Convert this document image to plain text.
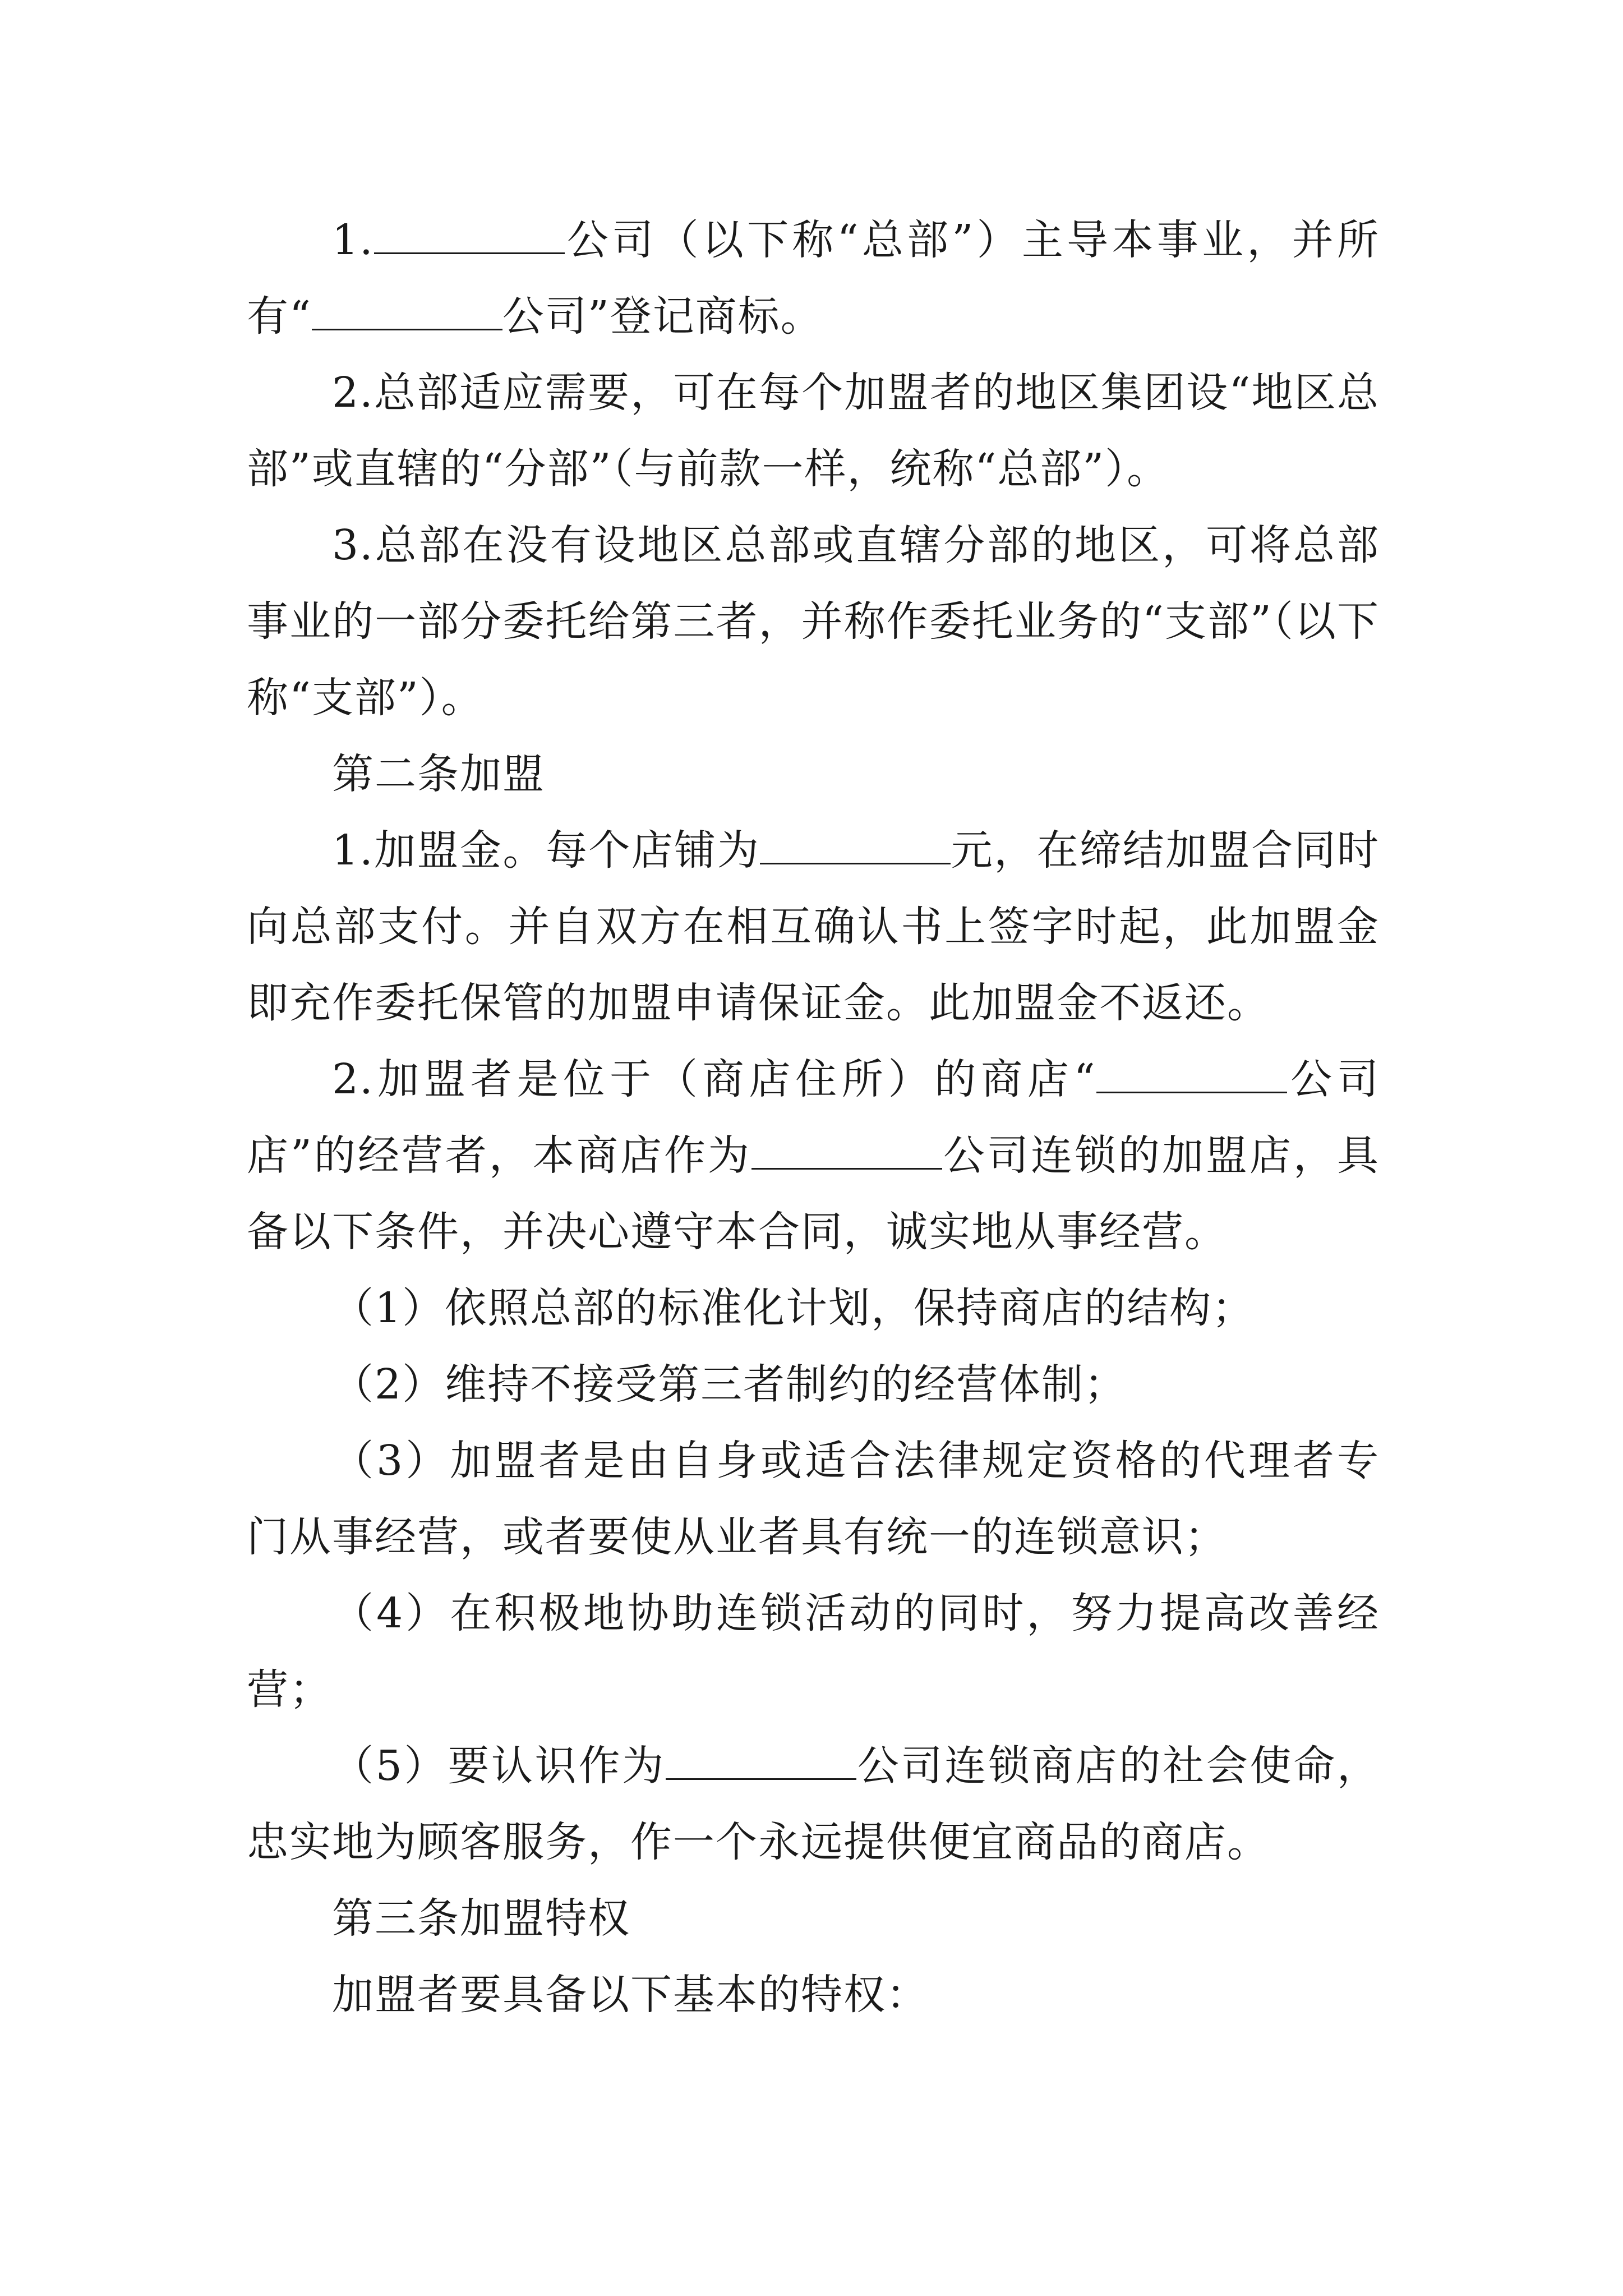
1.	公司（以下称“总部”）主导本事业，并所有“	公司”登记商标。

2.总部适应需要，可在每个加盟者的地区集团设“地区总部”或直辖的“分部”（与前款一样，统称“总部”）。

3.总部在没有设地区总部或直辖分部的地区，可将总部事业的一部分委托给第三者，并称作委托业务的“支部”（以下称“支部”）。

第二条加盟

1.加盟金。每个店铺为	元，在缔结加盟合同时向总部支付。并自双方在相互确认书上签字时起，此加盟金即充作委托保管的加盟申请保证金。此加盟金不返还。

2.加盟者是位于（商店住所）的商店“	公司店”的经营者，本商店作为	公司连锁的加盟店，具备以下条件，并决心遵守本合同，诚实地从事经营。

（1）依照总部的标准化计划，保持商店的结构；

（2）维持不接受第三者制约的经营体制；

（3）加盟者是由自身或适合法律规定资格的代理者专门从事经营，或者要使从业者具有统一的连锁意识；

（4）在积极地协助连锁活动的同时，努力提高改善经营；

（5）要认识作为	公司连锁商店的社会使命，忠实地为顾客服务，作一个永远提供便宜商品的商店。

第三条加盟特权

加盟者要具备以下基本的特权：
